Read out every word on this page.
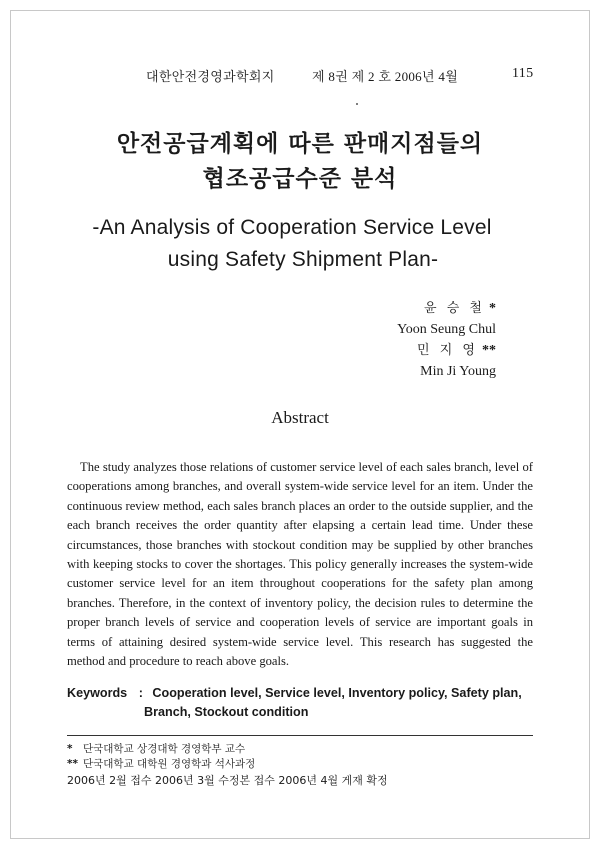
대한안전경영과학회지	제 8권 제 2 호 2006년 4월	115
안전공급계획에 따른 판매지점들의
협조공급수준 분석
-An Analysis of Cooperation Service Level
using Safety Shipment Plan-
윤 승 철 *
Yoon Seung Chul
민 지 영 **
Min Ji Young
Abstract
The study analyzes those relations of customer service level of each sales branch, level of cooperations among branches, and overall system-wide service level for an item. Under the continuous review method, each sales branch places an order to the outside supplier, and the each branch receives the order quantity after elapsing a certain lead time. Under these circumstances, those branches with stockout condition may be supplied by other branches with keeping stocks to cover the shortages. This policy generally increases the system-wide customer service level for an item throughout cooperations for the safety plan among branches. Therefore, in the context of inventory policy, the decision rules to determine the proper branch levels of service and cooperation levels of service are important goals in terms of attaining desired system-wide service level. This research has suggested the method and procedure to reach above goals.
Keywords : Cooperation level, Service level, Inventory policy, Safety plan,
Branch, Stockout condition
* 단국대학교 상경대학 경영학부 교수
** 단국대학교 대학원 경영학과 석사과정
2006년 2월 접수 2006년 3월 수정본 접수 2006년 4월 게재 확정
